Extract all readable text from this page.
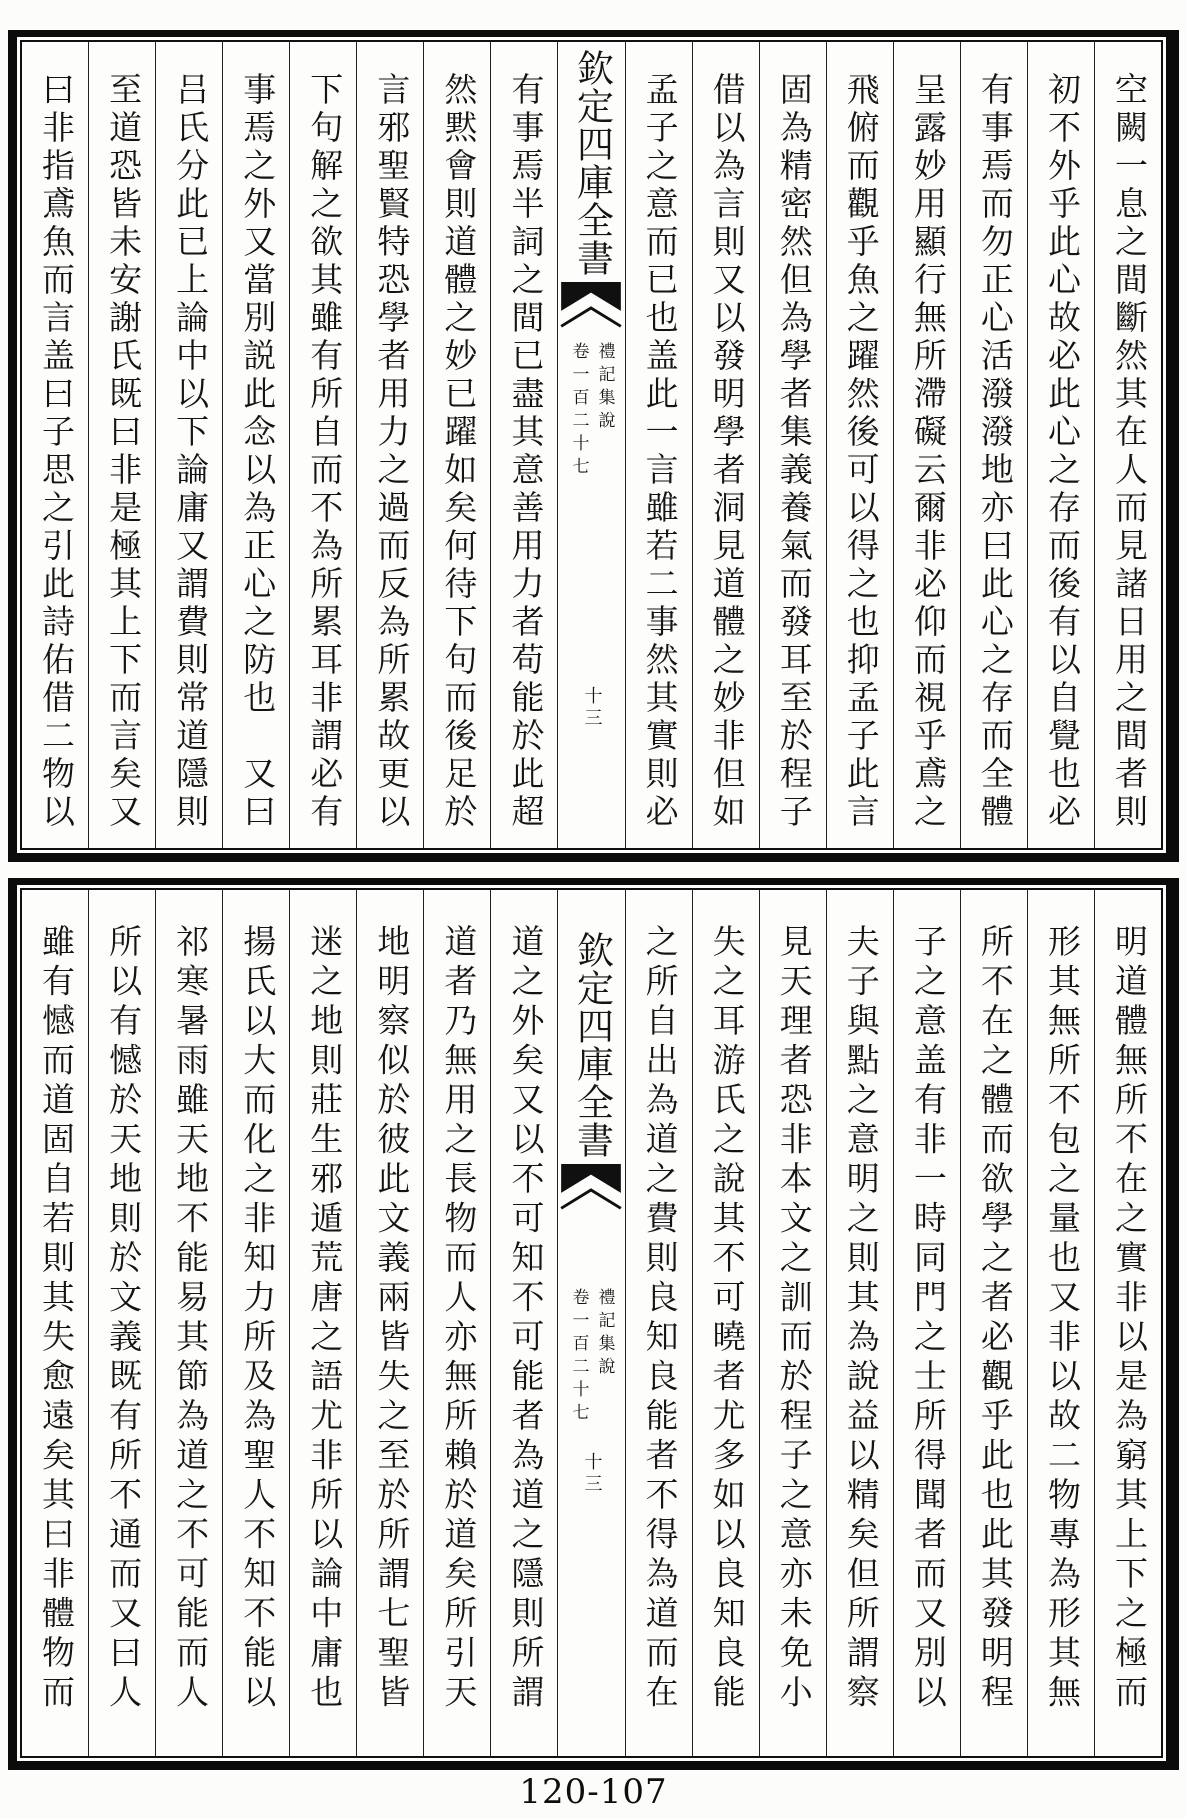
空闕一息之間斷然其在人而見諸日用之間者則
初不外乎此心故必此心之存而後有以自覺也必
有事焉而勿正心活潑潑地亦曰此心之存而全體
呈露妙用顯行無所滯礙云爾非必仰而視乎鳶之
飛俯而觀乎魚之躍然後可以得之也抑孟子此言
固為精密然但為學者集義養氣而發耳至於程子
借以為言則又以發明學者洞見道體之妙非但如
孟子之意而已也盖此一言雖若二事然其實則必
欽定四庫全書
禮記集說
卷一百二十七
十三
有事焉半詞之間已盡其意善用力者苟能於此超
然黙會則道體之妙已躍如矣何待下句而後足於
言邪聖賢特恐學者用力之過而反為所累故更以
下句解之欲其雖有所自而不為所累耳非謂必有
事焉之外又當別説此念以為正心之防也　又曰
吕氏分此已上論中以下論庸又謂費則常道隱則
至道恐皆未安謝氏既曰非是極其上下而言矣又
曰非指鳶魚而言盖曰子思之引此詩佑借二物以
明道體無所不在之實非以是為窮其上下之極而
形其無所不包之量也又非以故二物專為形其無
所不在之體而欲學之者必觀乎此也此其發明程
子之意盖有非一時同門之士所得聞者而又別以
夫子與點之意明之則其為說益以精矣但所謂察
見天理者恐非本文之訓而於程子之意亦未免小
失之耳游氏之說其不可曉者尤多如以良知良能
之所自出為道之費則良知良能者不得為道而在
欽定四庫全書
禮記集說
卷一百二十七
十三
道之外矣又以不可知不可能者為道之隱則所謂
道者乃無用之長物而人亦無所賴於道矣所引天
地明察似於彼此文義兩皆失之至於所謂七聖皆
迷之地則莊生邪遁荒唐之語尤非所以論中庸也
揚氏以大而化之非知力所及為聖人不知不能以
祁寒暑雨雖天地不能易其節為道之不可能而人
所以有憾於天地則於文義既有所不通而又曰人
雖有憾而道固自若則其失愈遠矣其曰非體物而
120-107
